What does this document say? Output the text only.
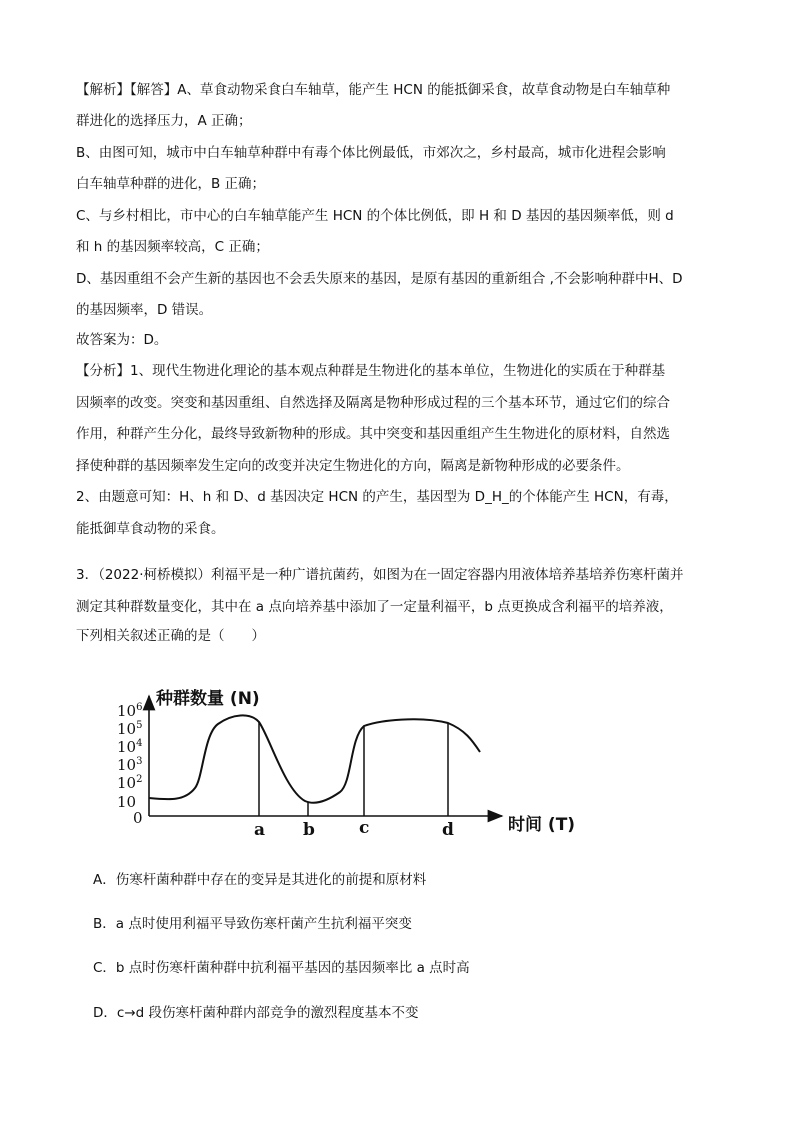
【解析】【解答】A、草食动物采食白车轴草，能产生 HCN 的能抵御采食，故草食动物是白车轴草种
群进化的选择压力，A 正确；
B、由图可知，城市中白车轴草种群中有毒个体比例最低，市郊次之，乡村最高，城市化进程会影响
白车轴草种群的进化，B 正确；
C、与乡村相比，市中心的白车轴草能产生 HCN 的个体比例低，即 H 和 D 基因的基因频率低，则 d
和 h 的基因频率较高，C 正确；
D、基因重组不会产生新的基因也不会丢失原来的基因，是原有基因的重新组合 ,不会影响种群中H、D
的基因频率，D 错误。
故答案为：D。
【分析】1、现代生物进化理论的基本观点种群是生物进化的基本单位，生物进化的实质在于种群基
因频率的改变。突变和基因重组、自然选择及隔离是物种形成过程的三个基本环节，通过它们的综合
作用，种群产生分化，最终导致新物种的形成。其中突变和基因重组产生生物进化的原材料，自然选
择使种群的基因频率发生定向的改变并决定生物进化的方向，隔离是新物种形成的必要条件。
2、由题意可知：H、h 和 D、d 基因决定 HCN 的产生，基因型为 D_H_的个体能产生 HCN，有毒，
能抵御草食动物的采食。
3．（2022·柯桥模拟）利福平是一种广谱抗菌药，如图为在一固定容器内用液体培养基培养伤寒杆菌并
测定其种群数量变化，其中在 a 点向培养基中添加了一定量利福平，b 点更换成含利福平的培养液，
下列相关叙述正确的是（　　）
种群数量 (N)
时间 (T)
$10^6$
$10^5$
$10^4$
$10^3$
$10^2$
10
0
a b	c	d
A．伤寒杆菌种群中存在的变异是其进化的前提和原材料
B．a 点时使用利福平导致伤寒杆菌产生抗利福平突变
C．b 点时伤寒杆菌种群中抗利福平基因的基因频率比 a 点时高
D．c→d 段伤寒杆菌种群内部竞争的激烈程度基本不变
